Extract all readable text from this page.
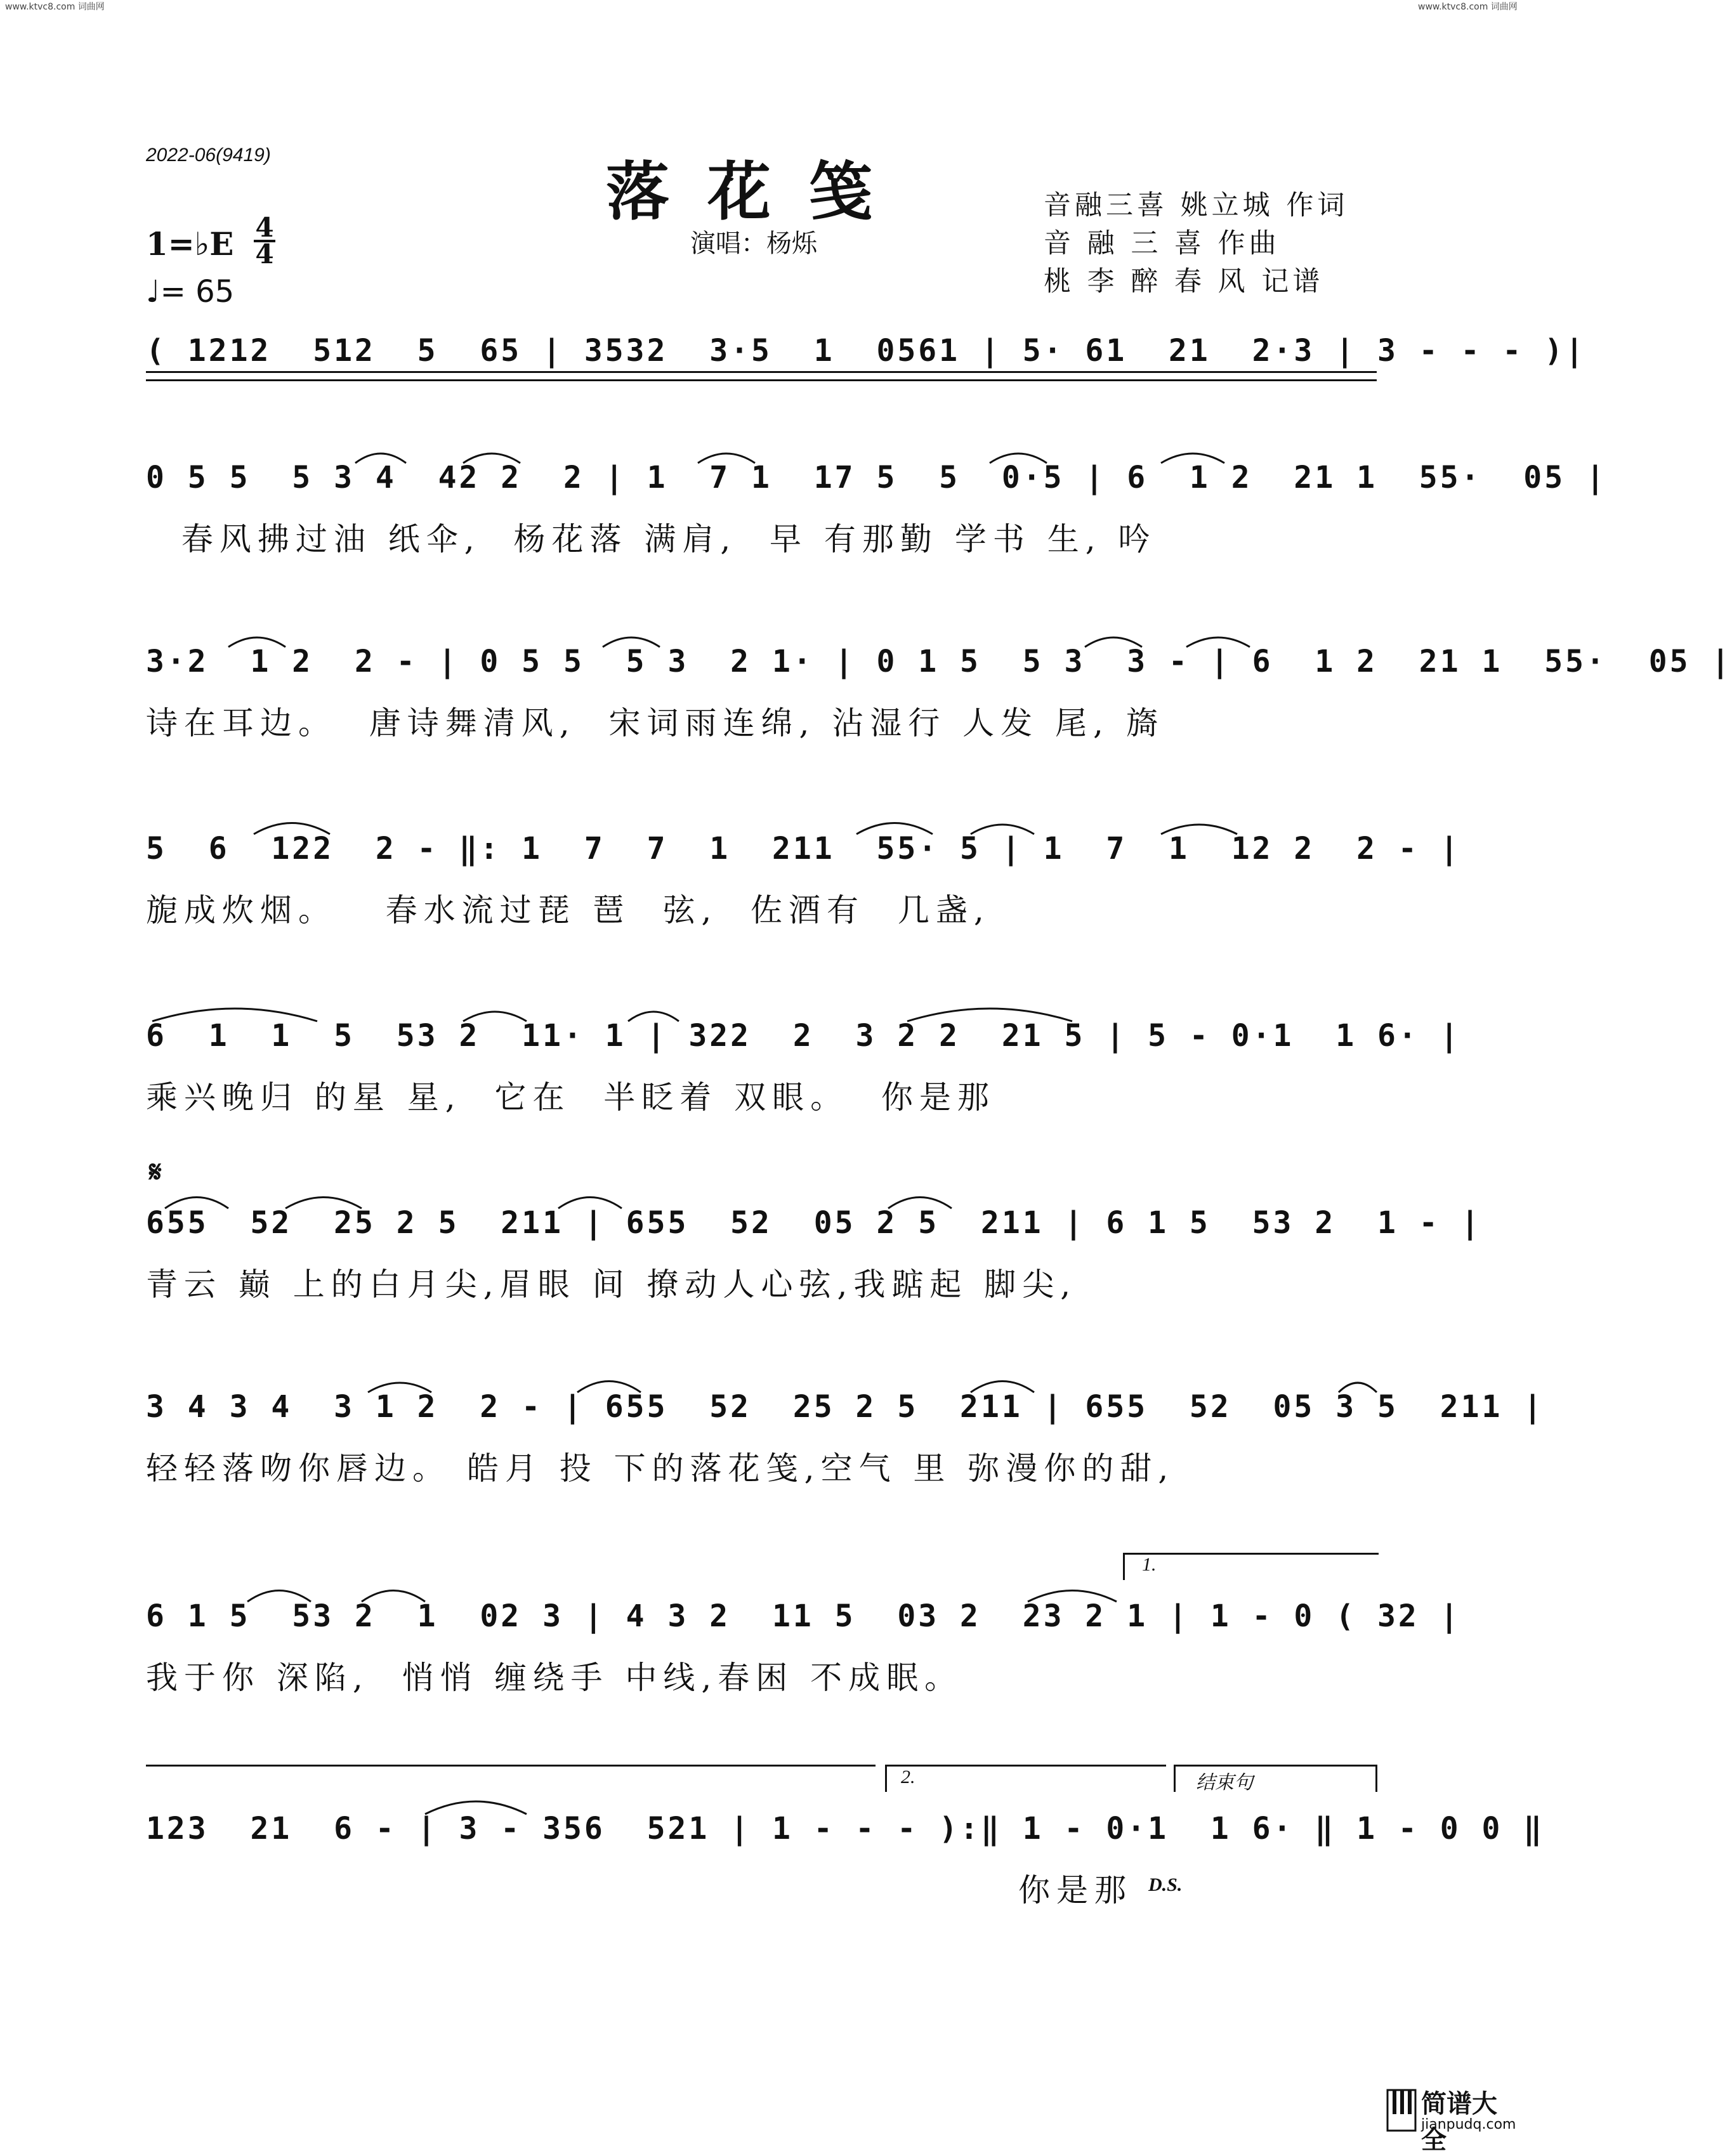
www.ktvc8.com 词曲网	www.ktvc8.com 词曲网
2022-06(9419)	落花笺
演唱：杨烁
音融三喜 姚立城 作词
音 融 三 喜 作曲
桃 李 醉 春 风 记谱
1=♭E 4
4
♩= 65
( 1212  512  5  65 | 3532  3·5  1  0561 | 5· 61  21  2·3 | 3 - - - )|
0 5 5  5 3 4  42 2  2 | 1  7 1  17 5  5  0·5 | 6  1 2  21 1  55·  05 |
春风拂过油 纸伞,  杨花落 满肩,  早 有那勤 学书 生, 吟
3·2  1 2  2 - | 0 5 5  5 3  2 1· | 0 1 5  5 3  3 - | 6  1 2  21 1  55·  05 |
诗在耳边。  唐诗舞清风,  宋词雨连绵, 沾湿行 人发 尾, 旖
5  6  122  2 - ‖: 1  7  7  1  211  55· 5 | 1  7  1  12 2  2 - |
旎成炊烟。   春水流过琵 琶  弦,  佐酒有  几盏,
6  1  1  5  53 2  11· 1 | 322  2  3 2 2  21 5 | 5 - 0·1  1 6· |
乘兴晚归 的星 星,  它在  半眨着 双眼。  你是那
𝄋
655  52  25 2 5  211 | 655  52  05 2 5  211 | 6 1 5  53 2  1 - |
青云 巅 上的白月尖,眉眼 间 撩动人心弦,我踮起 脚尖,
3 4 3 4  3 1 2  2 - | 655  52  25 2 5  211 | 655  52  05 3 5  211 |
轻轻落吻你唇边。 皓月 投 下的落花笺,空气 里 弥漫你的甜,
1.
6 1 5  53 2  1  02 3 | 4 3 2  11 5  03 2  23 2 1 | 1 - 0 ( 32 |
我于你 深陷,  悄悄 缠绕手 中线,春困 不成眠。
2.	结束句
123  21  6 - | 3 - 356  521 | 1 - - - ):‖ 1 - 0·1  1 6· ‖ 1 - 0 0 ‖
你是那 D.S.
简谱大全
jianpudq.com
